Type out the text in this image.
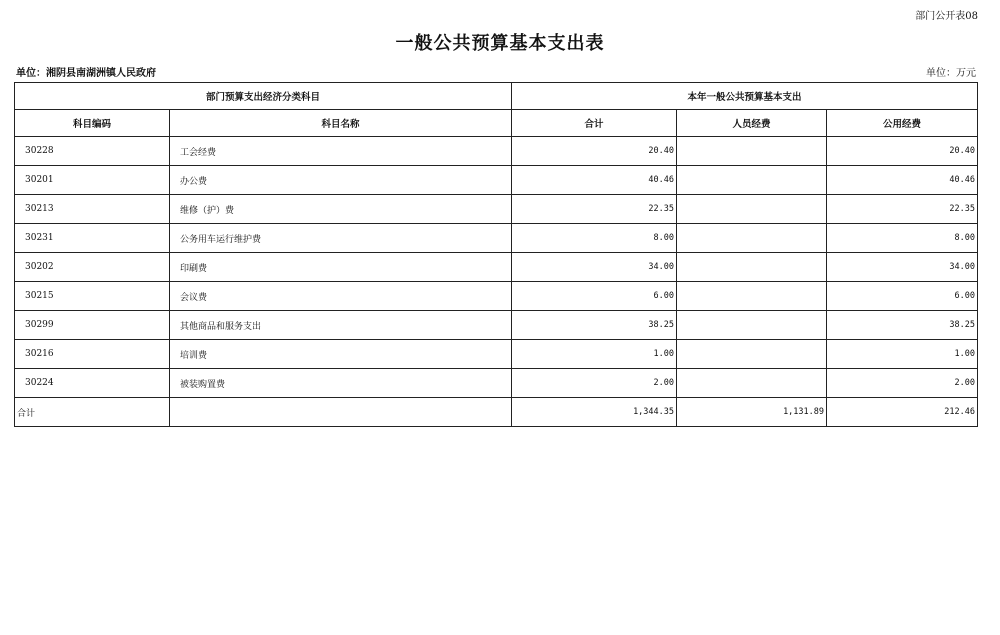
部门公开表08
一般公共预算基本支出表
单位：湘阴县南湖洲镇人民政府	单位：万元
部门预算支出经济分类科目		本年一般公共预算基本支出		
科目编码	科目名称	合计	人员经费	公用经费
30228	工会经费	20.40		20.40
30201	办公费	40.46		40.46
30213	维修（护）费	22.35		22.35
30231	公务用车运行维护费	8.00		8.00
30202	印刷费	34.00		34.00
30215	会议费	6.00		6.00
30299	其他商品和服务支出	38.25		38.25
30216	培训费	1.00		1.00
30224	被装购置费	2.00		2.00
合计		1,344.35	1,131.89	212.46
